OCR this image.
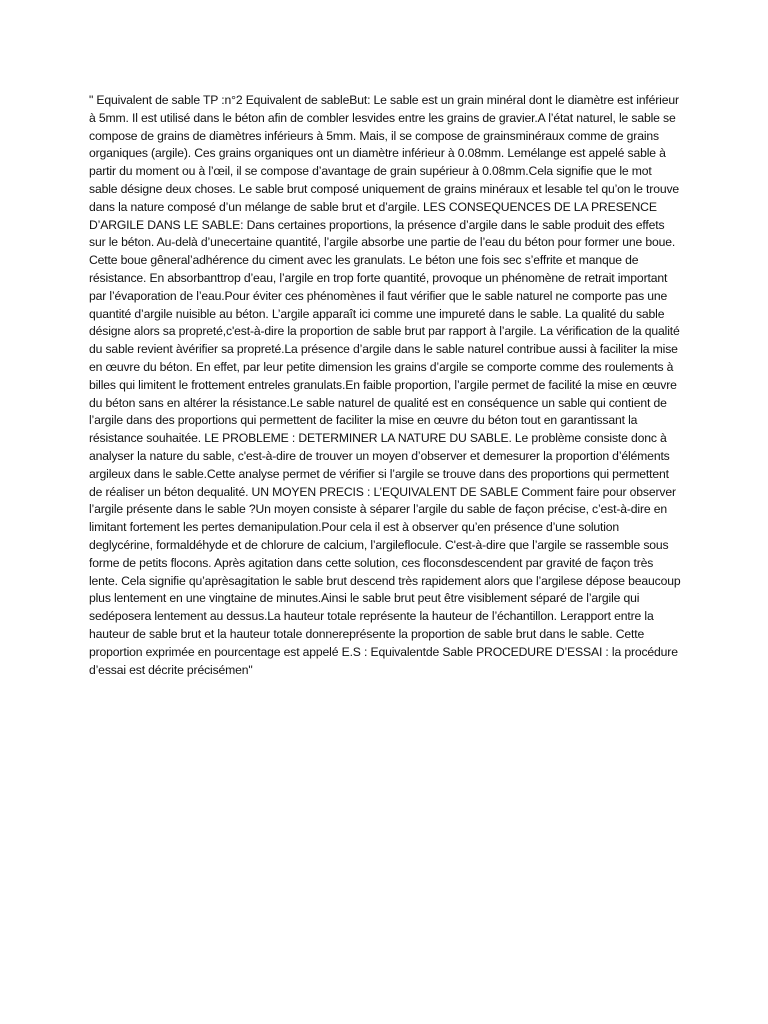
" Equivalent de sable TP :n°2 Equivalent de sableBut: Le sable est un grain minéral dont le diamètre est inférieur à 5mm. Il est utilisé dans le béton afin de combler lesvides entre les grains de gravier.A l’état naturel, le sable se compose de grains de diamètres inférieurs à 5mm. Mais, il se compose de grainsminéraux comme de grains organiques (argile). Ces grains organiques ont un diamètre inférieur à 0.08mm. Lemélange est appelé sable à partir du moment ou à l’œil, il se compose d’avantage de grain supérieur à 0.08mm.Cela signifie que le mot sable désigne deux choses. Le sable brut composé uniquement de grains minéraux et lesable tel qu’on le trouve dans la nature composé d’un mélange de sable brut et d’argile. LES CONSEQUENCES DE LA PRESENCE D’ARGILE DANS LE SABLE: Dans certaines proportions, la présence d’argile dans le sable produit des effets sur le béton. Au-delà d’unecertaine quantité, l’argile absorbe une partie de l’eau du béton pour former une boue. Cette boue gêneral’adhérence du ciment avec les granulats. Le béton une fois sec s’effrite et manque de résistance. En absorbanttrop d’eau, l’argile en trop forte quantité, provoque un phénomène de retrait important par l’évaporation de l’eau.Pour éviter ces phénomènes il faut vérifier que le sable naturel ne comporte pas une quantité d’argile nuisible au béton. L’argile apparaît ici comme une impureté dans le sable. La qualité du sable désigne alors sa propreté,c'est-à-dire la proportion de sable brut par rapport à l’argile. La vérification de la qualité du sable revient àvérifier sa propreté.La présence d’argile dans le sable naturel contribue aussi à faciliter la mise en œuvre du béton. En effet, par leur petite dimension les grains d’argile se comporte comme des roulements à billes qui limitent le frottement entreles granulats.En faible proportion, l’argile permet de facilité la mise en œuvre du béton sans en altérer la résistance.Le sable naturel de qualité est en conséquence un sable qui contient de l’argile dans des proportions qui permettent de faciliter la mise en œuvre du béton tout en garantissant la résistance souhaitée. LE PROBLEME : DETERMINER LA NATURE DU SABLE. Le problème consiste donc à analyser la nature du sable, c'est-à-dire de trouver un moyen d’observer et demesurer la proportion d’éléments argileux dans le sable.Cette analyse permet de vérifier si l’argile se trouve dans des proportions qui permettent de réaliser un béton dequalité. UN MOYEN PRECIS : L’EQUIVALENT DE SABLE Comment faire pour observer l’argile présente dans le sable ?Un moyen consiste à séparer l’argile du sable de façon précise, c’est-à-dire en limitant fortement les pertes demanipulation.Pour cela il est à observer qu’en présence d’une solution deglycérine, formaldéhyde et de chlorure de calcium, l’argileflocule. C'est-à-dire que l’argile se rassemble sous forme de petits flocons. Après agitation dans cette solution, ces floconsdescendent par gravité de façon très lente. Cela signifie qu’aprèsagitation le sable brut descend très rapidement alors que l’argilese dépose beaucoup plus lentement en une vingtaine de minutes.Ainsi le sable brut peut être visiblement séparé de l’argile qui sedéposera lentement au dessus.La hauteur totale représente la hauteur de l’échantillon. Lerapport entre la hauteur de sable brut et la hauteur totale donnereprésente la proportion de sable brut dans le sable. Cette proportion exprimée en pourcentage est appelé E.S : Equivalentde Sable PROCEDURE D’ESSAI : la procédure d’essai est décrite précisémen"
